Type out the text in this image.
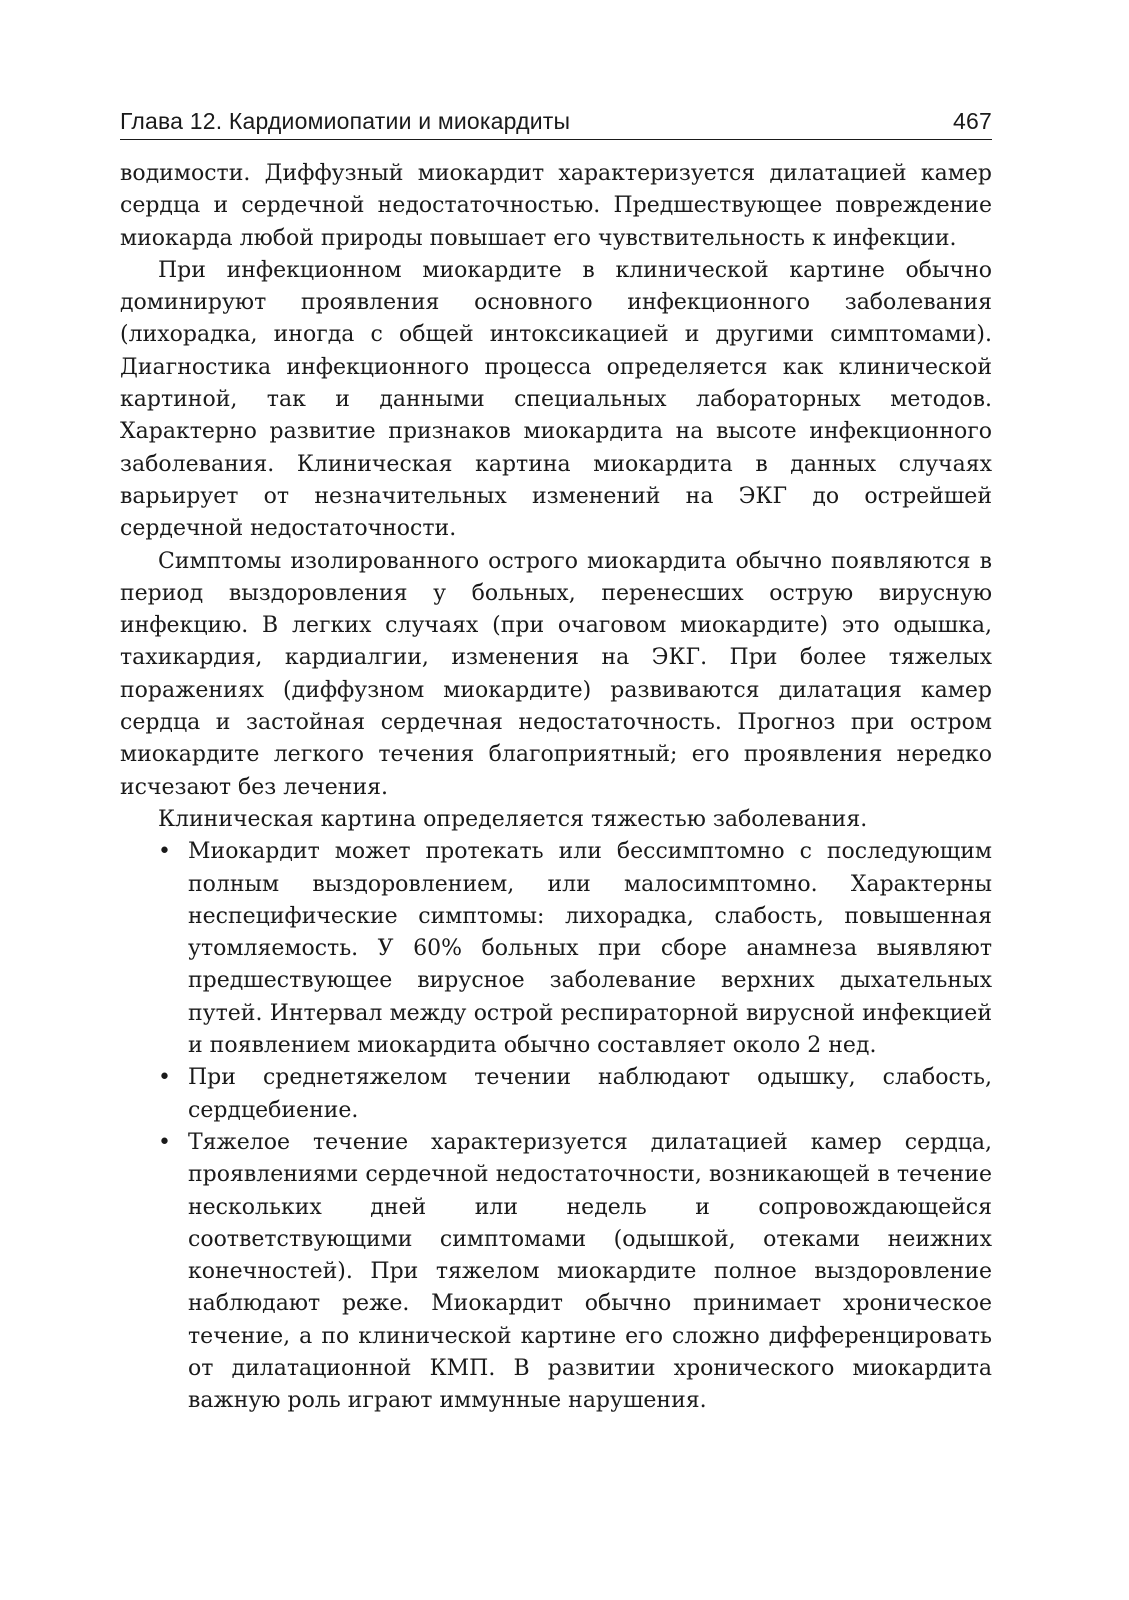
Глава 12. Кардиомиопатии и миокардиты	467

водимости. Диффузный миокардит характеризуется дилатацией камер сердца и сердечной недостаточностью. Предшествующее повреждение миокарда любой природы повышает его чувствительность к инфекции.

При инфекционном миокардите в клинической картине обычно доминируют проявления основного инфекционного заболевания (лихорадка, иногда с общей интоксикацией и другими симптомами). Диагностика инфекционного процесса определяется как клинической картиной, так и данными специальных лабораторных методов. Характерно развитие признаков миокардита на высоте инфекционного заболевания. Клиническая картина миокардита в данных случаях варьирует от незначительных изменений на ЭКГ до острейшей сердечной недостаточности.

Симптомы изолированного острого миокардита обычно появляются в период выздоровления у больных, перенесших острую вирусную инфекцию. В легких случаях (при очаговом миокардите) это одышка, тахикардия, кардиалгии, изменения на ЭКГ. При более тяжелых поражениях (диффузном миокардите) развиваются дилатация камер сердца и застойная сердечная недостаточность. Прогноз при остром миокардите легкого течения благоприятный; его проявления нередко исчезают без лечения.

Клиническая картина определяется тяжестью заболевания.

• Миокардит может протекать или бессимптомно с последующим полным выздоровлением, или малосимптомно. Характерны неспецифические симптомы: лихорадка, слабость, повышенная утомляемость. У 60% больных при сборе анамнеза выявляют предшествующее вирусное заболевание верхних дыхательных путей. Интервал между острой респираторной вирусной инфекцией и появлением миокардита обычно составляет около 2 нед.
• При среднетяжелом течении наблюдают одышку, слабость, сердцебиение.
• Тяжелое течение характеризуется дилатацией камер сердца, проявлениями сердечной недостаточности, возникающей в течение нескольких дней или недель и сопровождающейся соответствующими симптомами (одышкой, отеками неижних конечностей). При тяжелом миокардите полное выздоровление наблюдают реже. Миокардит обычно принимает хроническое течение, а по клинической картине его сложно дифференцировать от дилатационной КМП. В развитии хронического миокардита важную роль играют иммунные нарушения.
